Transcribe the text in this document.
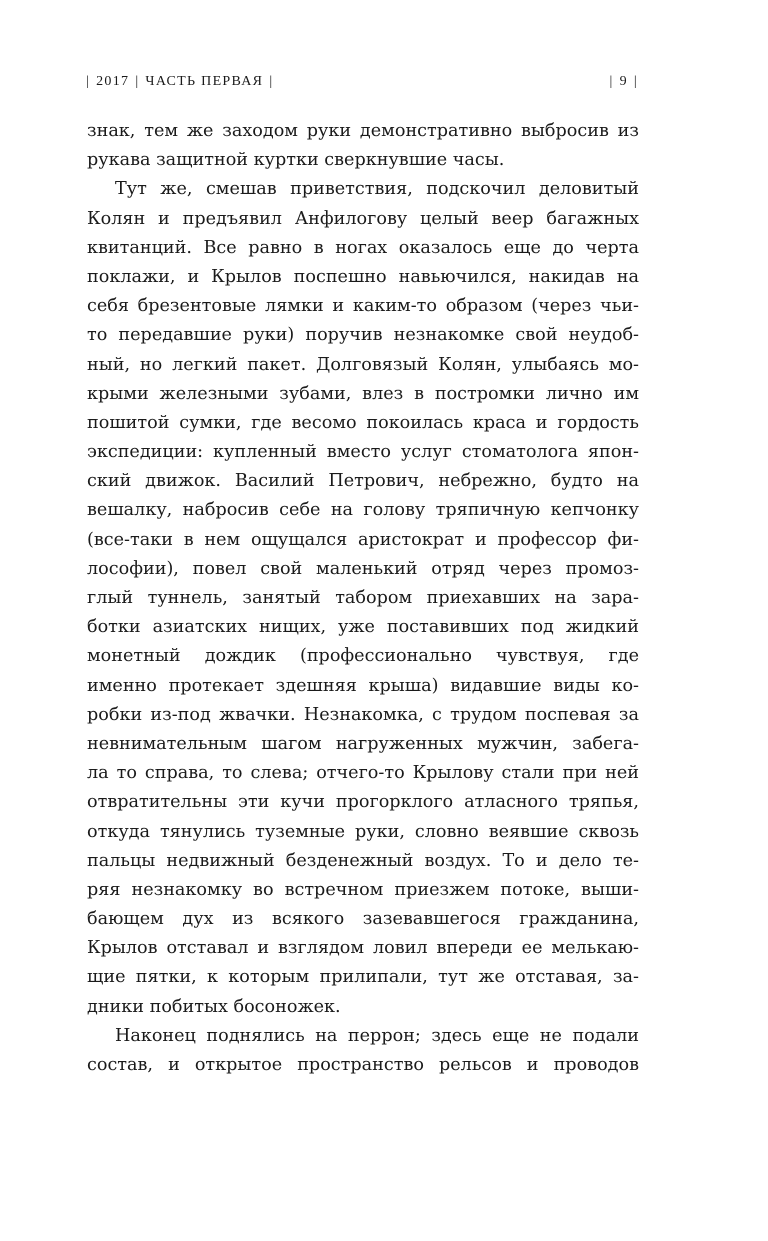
| 2017 | ЧАСТЬ ПЕРВАЯ |	| 9 |
знак, тем же заходом руки демонстративно выбросив из
рукава защитной куртки сверкнувшие часы.
Тут же, смешав приветствия, подскочил деловитый
Колян и предъявил Анфилогову целый веер багажных
квитанций. Все равно в ногах оказалось еще до черта
поклажи, и Крылов поспешно навьючился, накидав на
себя брезентовые лямки и каким-то образом (через чьи-
то передавшие руки) поручив незнакомке свой неудоб-
ный, но легкий пакет. Долговязый Колян, улыбаясь мо-
крыми железными зубами, влез в постромки лично им
пошитой сумки, где весомо покоилась краса и гордость
экспедиции: купленный вместо услуг стоматолога япон-
ский движок. Василий Петрович, небрежно, будто на
вешалку, набросив себе на голову тряпичную кепчонку
(все-таки в нем ощущался аристократ и профессор фи-
лософии), повел свой маленький отряд через промоз-
глый туннель, занятый табором приехавших на зара-
ботки азиатских нищих, уже поставивших под жидкий
монетный дождик (профессионально чувствуя, где
именно протекает здешняя крыша) видавшие виды ко-
робки из-под жвачки. Незнакомка, с трудом поспевая за
невнимательным шагом нагруженных мужчин, забега-
ла то справа, то слева; отчего-то Крылову стали при ней
отвратительны эти кучи прогорклого атласного тряпья,
откуда тянулись туземные руки, словно веявшие сквозь
пальцы недвижный безденежный воздух. То и дело те-
ряя незнакомку во встречном приезжем потоке, выши-
бающем дух из всякого зазевавшегося гражданина,
Крылов отставал и взглядом ловил впереди ее мелькаю-
щие пятки, к которым прилипали, тут же отставая, за-
дники побитых босоножек.
Наконец поднялись на перрон; здесь еще не подали
состав, и открытое пространство рельсов и проводов
